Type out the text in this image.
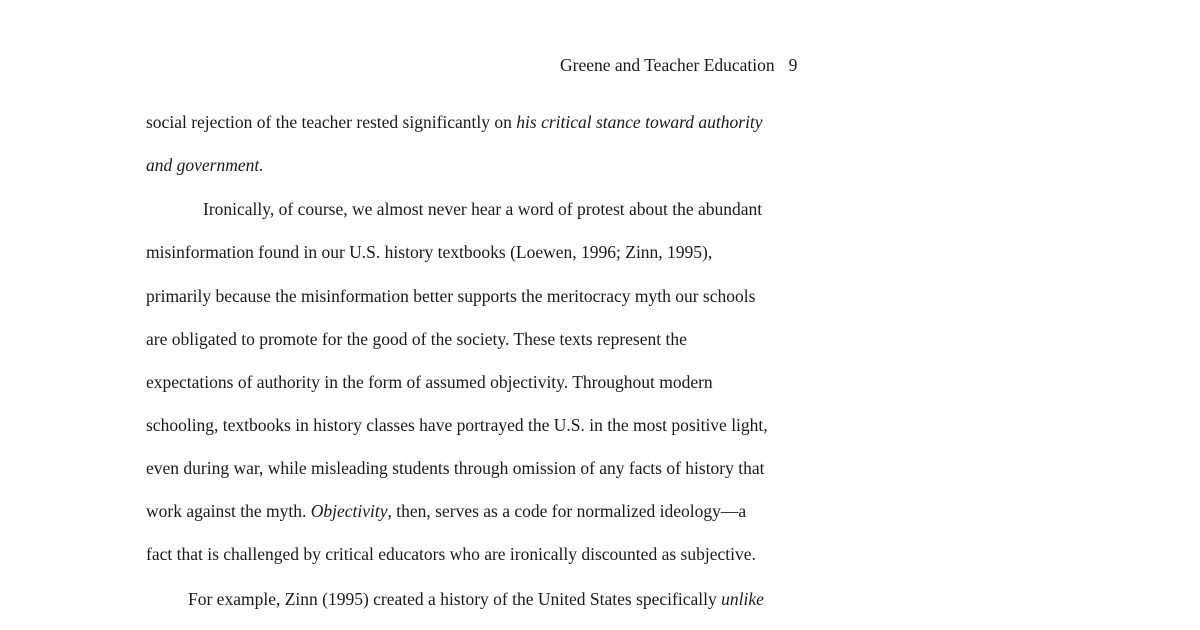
Greene and Teacher Education 9
social rejection of the teacher rested significantly on his critical stance toward authority
and government.
Ironically, of course, we almost never hear a word of protest about the abundant
misinformation found in our U.S. history textbooks (Loewen, 1996; Zinn, 1995),
primarily because the misinformation better supports the meritocracy myth our schools
are obligated to promote for the good of the society. These texts represent the
expectations of authority in the form of assumed objectivity. Throughout modern
schooling, textbooks in history classes have portrayed the U.S. in the most positive light,
even during war, while misleading students through omission of any facts of history that
work against the myth. Objectivity, then, serves as a code for normalized ideology—a
fact that is challenged by critical educators who are ironically discounted as subjective.
For example, Zinn (1995) created a history of the United States specifically unlike
